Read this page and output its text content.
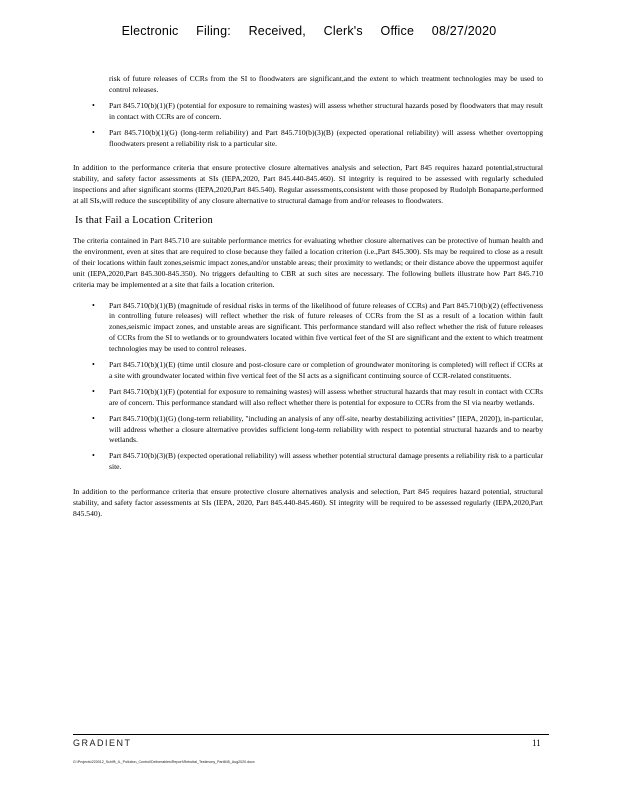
Electronic Filing: Received, Clerk's Office 08/27/2020
risk of future releases of CCRs from the SI to floodwaters are significant,and the extent to which treatment technologies may be used to control releases.
• Part 845.710(b)(1)(F) (potential for exposure to remaining wastes) will assess whether structural hazards posed by floodwaters that may result in contact with CCRs are of concern.
• Part 845.710(b)(1)(G) (long-term reliability) and Part 845.710(b)(3)(B) (expected operational reliability) will assess whether overtopping floodwaters present a reliability risk to a particular site.

In addition to the performance criteria that ensure protective closure alternatives analysis and selection, Part 845 requires hazard potential,structural stability, and safety factor assessments at SIs (IEPA,2020, Part 845.440-845.460). SI integrity is required to be assessed with regularly scheduled inspections and after significant storms (IEPA,2020,Part 845.540). Regular assessments,consistent with those proposed by Rudolph Bonaparte,performed at all SIs,will reduce the susceptibility of any closure alternative to structural damage from and/or releases to floodwaters.

Is that Fail a Location Criterion

The criteria contained in Part 845.710 are suitable performance metrics for evaluating whether closure alternatives can be protective of human health and the environment, even at sites that are required to close because they failed a location criterion (i.e.,Part 845.300). SIs may be required to close as a result of their locations within fault zones,seismic impact zones,and/or unstable areas; their proximity to wetlands; or their distance above the uppermost aquifer unit (IEPA,2020,Part 845.300-845.350). No triggers defaulting to CBR at such sites are necessary. The following bullets illustrate how Part 845.710 criteria may be implemented at a site that fails a location criterion.

• Part 845.710(b)(1)(B) (magnitude of residual risks in terms of the likelihood of future releases of CCRs) and Part 845.710(b)(2) (effectiveness in controlling future releases) will reflect whether the risk of future releases of CCRs from the SI as a result of a location within fault zones,seismic impact zones, and unstable areas are significant. This performance standard will also reflect whether the risk of future releases of CCRs from the SI to wetlands or to groundwaters located within five vertical feet of the SI are significant and the extent to which treatment technologies may be used to control releases.
• Part 845.710(b)(1)(E) (time until closure and post-closure care or completion of groundwater monitoring is completed) will reflect if CCRs at a site with groundwater located within five vertical feet of the SI acts as a significant continuing source of CCR-related constituents.
• Part 845.710(b)(1)(F) (potential for exposure to remaining wastes) will assess whether structural hazards that may result in contact with CCRs are of concern. This performance standard will also reflect whether there is potential for exposure to CCRs from the SI via nearby wetlands.
• Part 845.710(b)(1)(G) (long-term reliability, "including an analysis of any off-site, nearby destabilizing activities" [IEPA, 2020]), in-particular, will address whether a closure alternative provides sufficient long-term reliability with respect to potential structural hazards and to nearby wetlands.
• Part 845.710(b)(3)(B) (expected operational reliability) will assess whether potential structural damage presents a reliability risk to a particular site.

In addition to the performance criteria that ensure protective closure alternatives analysis and selection, Part 845 requires hazard potential, structural stability, and safety factor assessments at SIs (IEPA, 2020, Part 845.440-845.460). SI integrity will be required to be assessed regularly (IEPA,2020,Part 845.540).

GRADIENT	11
G:\Projects\220012_Schiff\_IL_Pollution_Control\Deliverables\Report\Rebuttal_Testimony_Part845_Aug2020.docx
